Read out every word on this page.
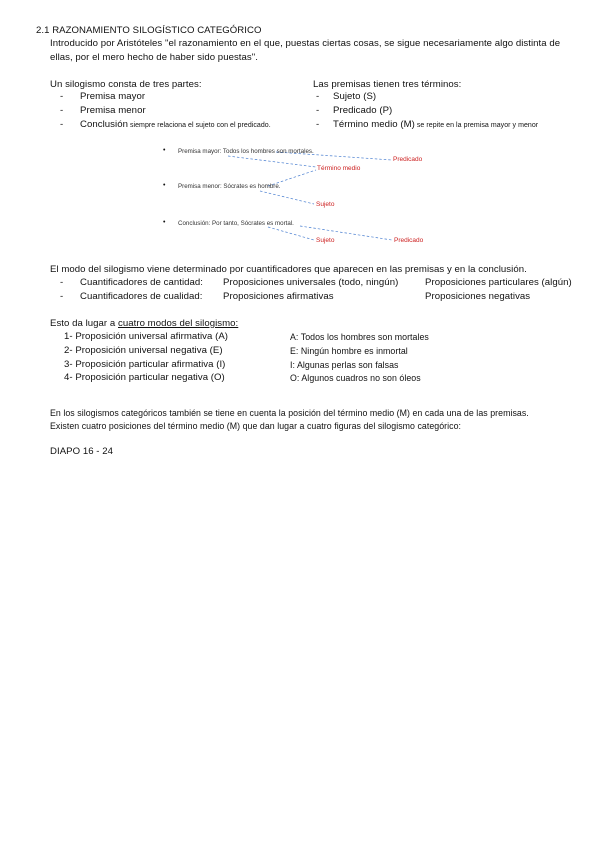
2.1 RAZONAMIENTO SILOGÍSTICO CATEGÓRICO
Introducido por Aristóteles "el razonamiento en el que, puestas ciertas cosas, se sigue necesariamente algo distinta de
ellas, por el mero hecho de haber sido puestas".
Un silogismo consta de tres partes:
- Premisa mayor
- Premisa menor
- Conclusión siempre relaciona el sujeto con el predicado.
Las premisas tienen tres términos:
- Sujeto (S)
- Predicado (P)
- Término medio (M) se repite en la premisa mayor y menor
• Premisa mayor: Todos los hombres son mortales.
Predicado
Término medio
• Premisa menor: Sócrates es hombre.
Sujeto
• Conclusión: Por tanto, Sócrates es mortal.
Sujeto	Predicado
El modo del silogismo viene determinado por cuantificadores que aparecen en las premisas y en la conclusión.
- Cuantificadores de cantidad: Proposiciones universales (todo, ningún)	Proposiciones particulares (algún)
- Cuantificadores de cualidad: Proposiciones afirmativas	Proposiciones negativas
Esto da lugar a cuatro modos del silogismo:
1- Proposición universal afirmativa (A)	A: Todos los hombres son mortales
2- Proposición universal negativa (E)	E: Ningún hombre es inmortal
3- Proposición particular afirmativa (I)	I: Algunas perlas son falsas
4- Proposición particular negativa (O)	O: Algunos cuadros no son óleos
En los silogismos categóricos también se tiene en cuenta la posición del término medio (M) en cada una de las premisas.
Existen cuatro posiciones del término medio (M) que dan lugar a cuatro figuras del silogismo categórico:
DIAPO 16 - 24
